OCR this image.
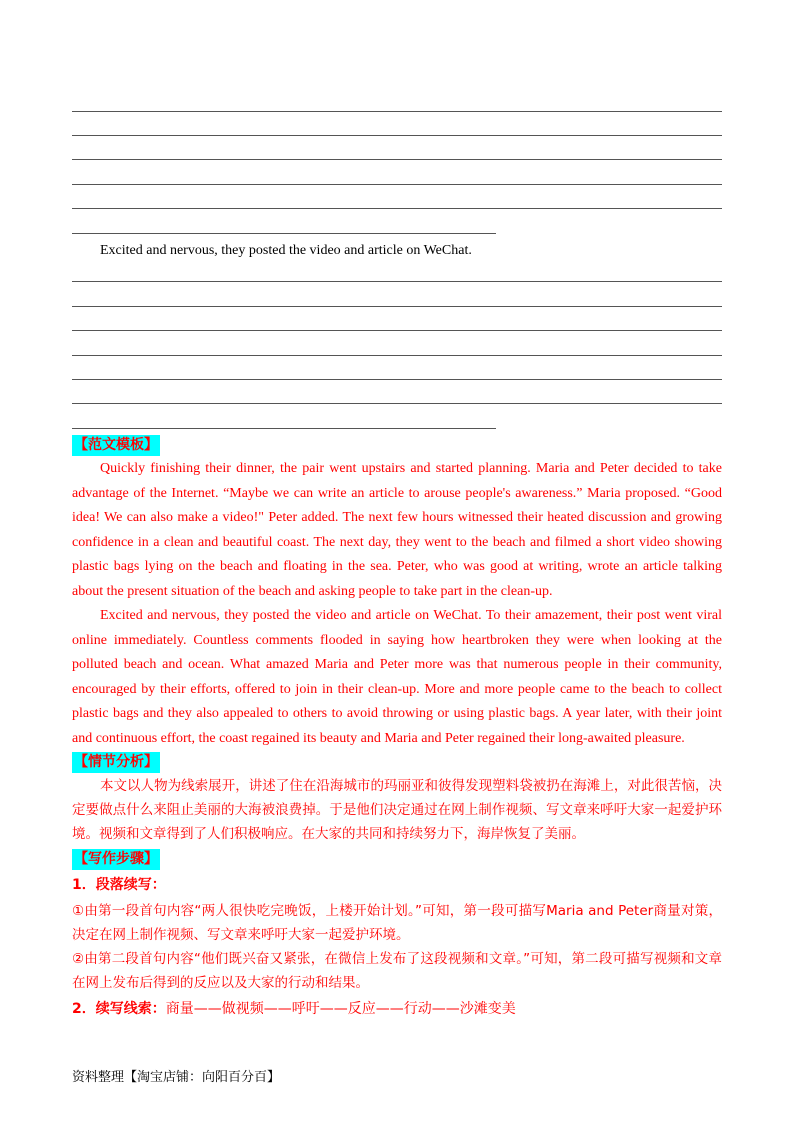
Excited and nervous, they posted the video and article on WeChat.
【范文模板】

Quickly finishing their dinner, the pair went upstairs and started planning. Maria and Peter decided to take advantage of the Internet. “Maybe we can write an article to arouse people's awareness.” Maria proposed. “Good idea! We can also make a video!" Peter added. The next few hours witnessed their heated discussion and growing confidence in a clean and beautiful coast. The next day, they went to the beach and filmed a short video showing plastic bags lying on the beach and floating in the sea. Peter, who was good at writing, wrote an article talking about the present situation of the beach and asking people to take part in the clean-up.

Excited and nervous, they posted the video and article on WeChat. To their amazement, their post went viral online immediately. Countless comments flooded in saying how heartbroken they were when looking at the polluted beach and ocean. What amazed Maria and Peter more was that numerous people in their community, encouraged by their efforts, offered to join in their clean-up. More and more people came to the beach to collect plastic bags and they also appealed to others to avoid throwing or using plastic bags. A year later, with their joint and continuous effort, the coast regained its beauty and Maria and Peter regained their long-awaited pleasure.

【情节分析】

本文以人物为线索展开，讲述了住在沿海城市的玛丽亚和彼得发现塑料袋被扔在海滩上，对此很苦恼，决定要做点什么来阻止美丽的大海被浪费掉。于是他们决定通过在网上制作视频、写文章来呼吁大家一起爱护环境。视频和文章得到了人们积极响应。在大家的共同和持续努力下，海岸恢复了美丽。

【写作步骤】
1．段落续写：

①由第一段首句内容“两人很快吃完晚饭，上楼开始计划。”可知，第一段可描写Maria and Peter商量对策，决定在网上制作视频、写文章来呼吁大家一起爱护环境。

②由第二段首句内容“他们既兴奋又紧张，在微信上发布了这段视频和文章。”可知，第二段可描写视频和文章在网上发布后得到的反应以及大家的行动和结果。

2．续写线索：商量——做视频——呼吁——反应——行动——沙滩变美
资料整理【淘宝店铺：向阳百分百】
